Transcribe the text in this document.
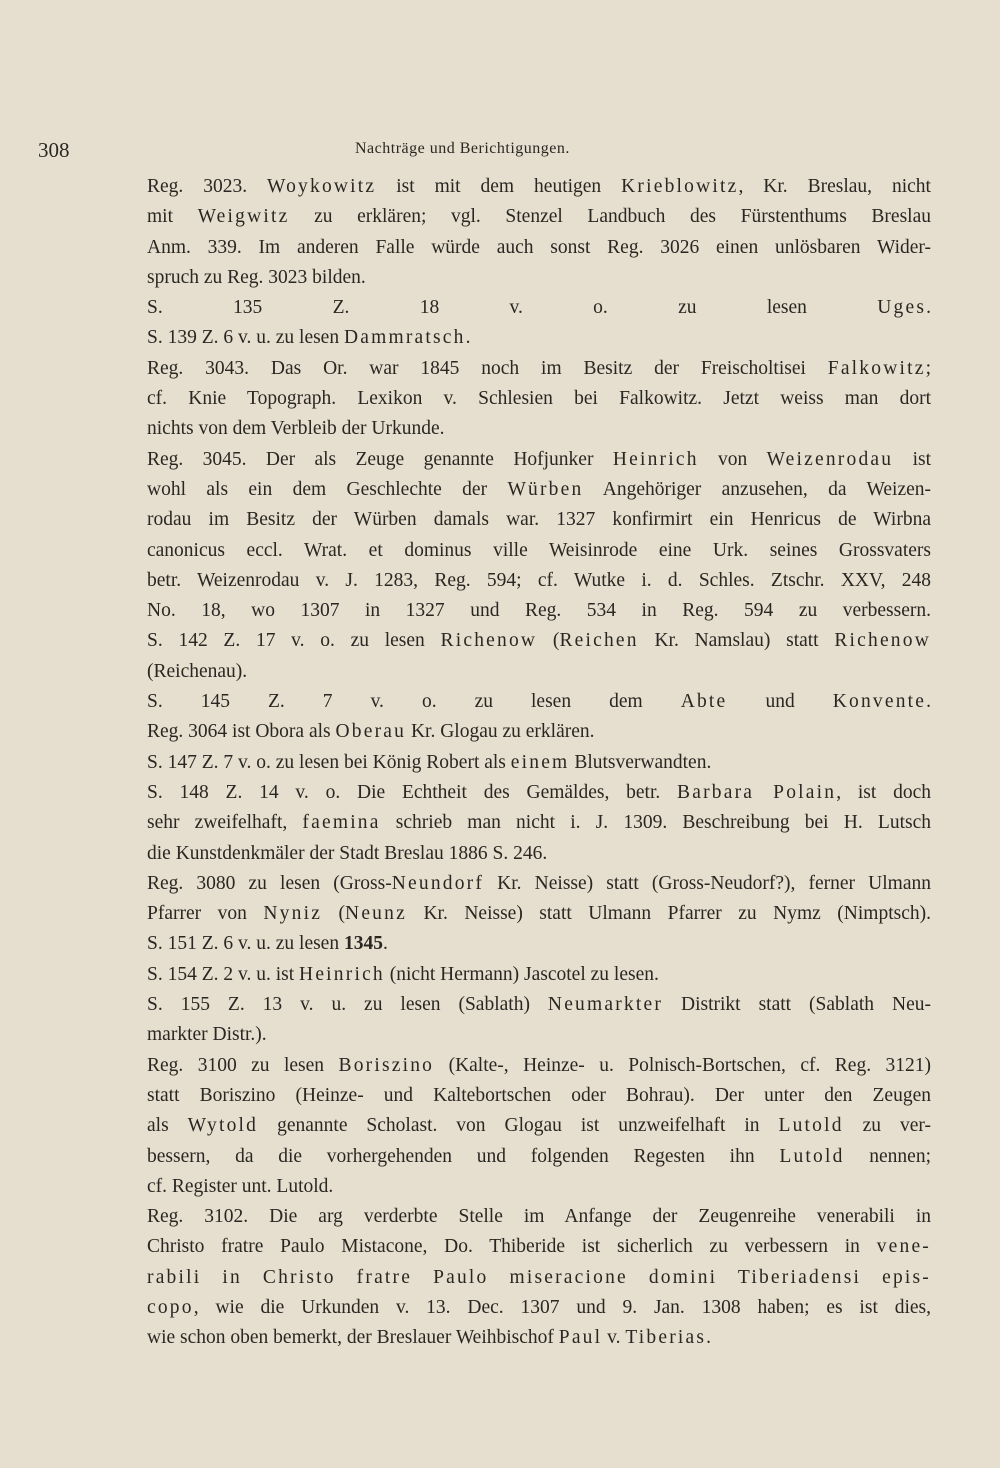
308	Nachträge und Berichtigungen.
Reg. 3023. Woykowitz ist mit dem heutigen Krieblowitz, Kr. Breslau, nicht
mit Weigwitz zu erklären; vgl. Stenzel Landbuch des Fürstenthums Breslau
Anm. 339. Im anderen Falle würde auch sonst Reg. 3026 einen unlösbaren Wider-
spruch zu Reg. 3023 bilden.
S. 135 Z. 18 v. o. zu lesen Uges.
S. 139 Z. 6 v. u. zu lesen Dammratsch.
Reg. 3043. Das Or. war 1845 noch im Besitz der Freischoltisei Falkowitz;
cf. Knie Topograph. Lexikon v. Schlesien bei Falkowitz. Jetzt weiss man dort
nichts von dem Verbleib der Urkunde.
Reg. 3045. Der als Zeuge genannte Hofjunker Heinrich von Weizenrodau ist
wohl als ein dem Geschlechte der Würben Angehöriger anzusehen, da Weizen-
rodau im Besitz der Würben damals war. 1327 konfirmirt ein Henricus de Wirbna
canonicus eccl. Wrat. et dominus ville Weisinrode eine Urk. seines Grossvaters
betr. Weizenrodau v. J. 1283, Reg. 594; cf. Wutke i. d. Schles. Ztschr. XXV, 248
No. 18, wo 1307 in 1327 und Reg. 534 in Reg. 594 zu verbessern.
S. 142 Z. 17 v. o. zu lesen Richenow (Reichen Kr. Namslau) statt Richenow
(Reichenau).
S. 145 Z. 7 v. o. zu lesen dem Abte und Konvente.
Reg. 3064 ist Obora als Oberau Kr. Glogau zu erklären.
S. 147 Z. 7 v. o. zu lesen bei König Robert als einem Blutsverwandten.
S. 148 Z. 14 v. o. Die Echtheit des Gemäldes, betr. Barbara Polain, ist doch
sehr zweifelhaft, faemina schrieb man nicht i. J. 1309. Beschreibung bei H. Lutsch
die Kunstdenkmäler der Stadt Breslau 1886 S. 246.
Reg. 3080 zu lesen (Gross-Neundorf Kr. Neisse) statt (Gross-Neudorf?), ferner Ulmann
Pfarrer von Nyniz (Neunz Kr. Neisse) statt Ulmann Pfarrer zu Nymz (Nimptsch).
S. 151 Z. 6 v. u. zu lesen 1345.
S. 154 Z. 2 v. u. ist Heinrich (nicht Hermann) Jascotel zu lesen.
S. 155 Z. 13 v. u. zu lesen (Sablath) Neumarkter Distrikt statt (Sablath Neu-
markter Distr.).
Reg. 3100 zu lesen Boriszino (Kalte-, Heinze- u. Polnisch-Bortschen, cf. Reg. 3121)
statt Boriszino (Heinze- und Kaltebortschen oder Bohrau). Der unter den Zeugen
als Wytold genannte Scholast. von Glogau ist unzweifelhaft in Lutold zu ver-
bessern, da die vorhergehenden und folgenden Regesten ihn Lutold nennen;
cf. Register unt. Lutold.
Reg. 3102. Die arg verderbte Stelle im Anfange der Zeugenreihe venerabili in
Christo fratre Paulo Mistacone, Do. Thiberide ist sicherlich zu verbessern in vene-
rabili in Christo fratre Paulo miseracione domini Tiberiadensi epis-
copo, wie die Urkunden v. 13. Dec. 1307 und 9. Jan. 1308 haben; es ist dies,
wie schon oben bemerkt, der Breslauer Weihbischof Paul v. Tiberias.
